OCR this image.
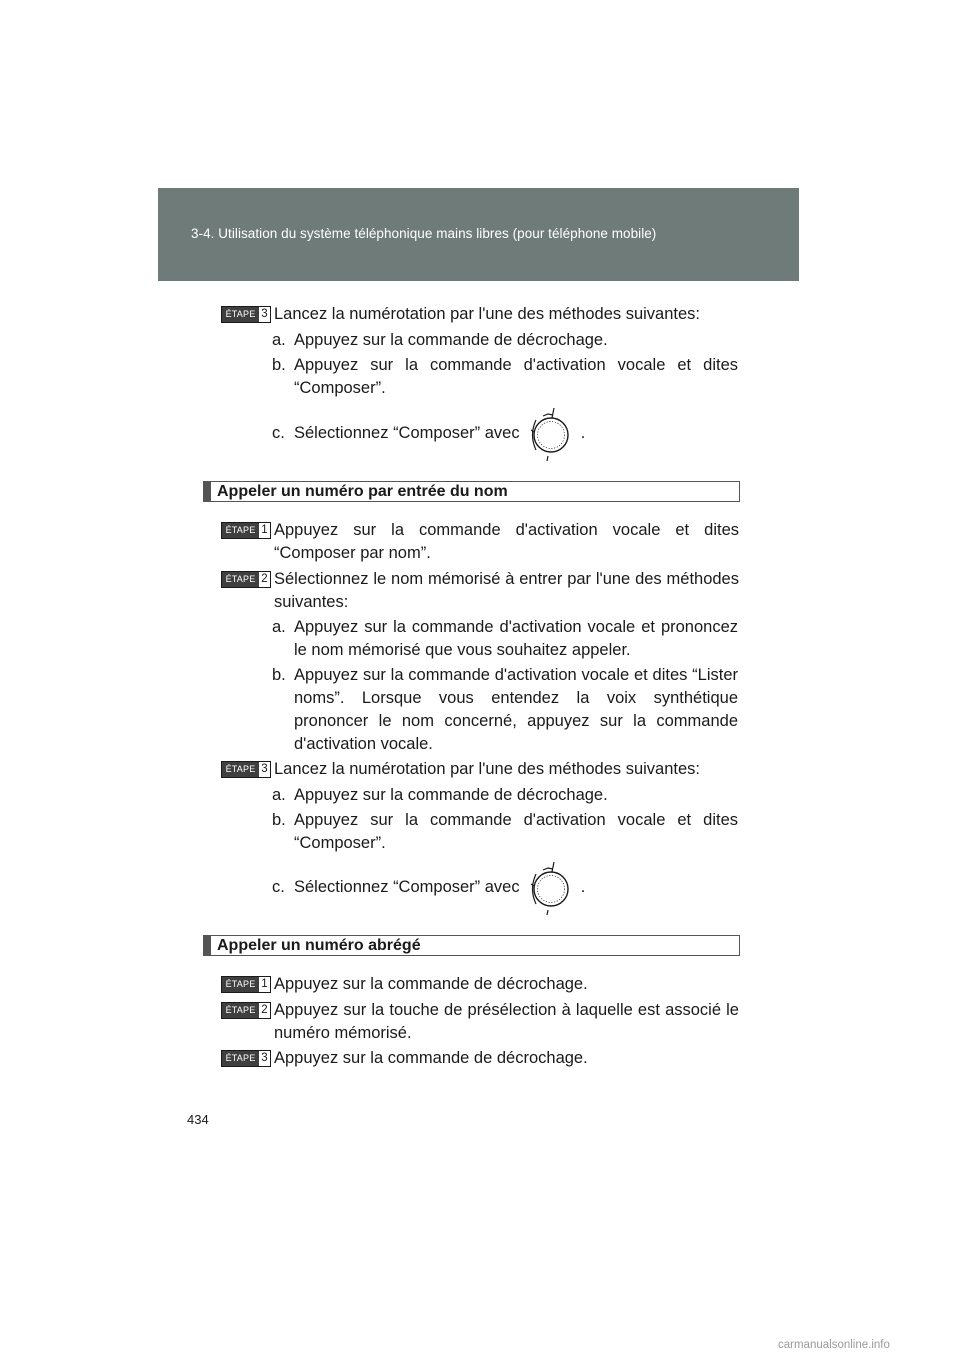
3-4. Utilisation du système téléphonique mains libres (pour téléphone mobile)
ÉTAPE 3 Lancez la numérotation par l'une des méthodes suivantes:
a. Appuyez sur la commande de décrochage.
b. Appuyez sur la commande d'activation vocale et dites “Composer”.
c. Sélectionnez “Composer” avec	.
Appeler un numéro par entrée du nom
ÉTAPE 1 Appuyez sur la commande d'activation vocale et dites “Composer par nom”.
ÉTAPE 2 Sélectionnez le nom mémorisé à entrer par l'une des méthodes suivantes:
a. Appuyez sur la commande d'activation vocale et prononcez le nom mémorisé que vous souhaitez appeler.
b. Appuyez sur la commande d'activation vocale et dites “Lister noms”. Lorsque vous entendez la voix synthétique prononcer le nom concerné, appuyez sur la commande d'activation vocale.
ÉTAPE 3 Lancez la numérotation par l'une des méthodes suivantes:
a. Appuyez sur la commande de décrochage.
b. Appuyez sur la commande d'activation vocale et dites “Composer”.
c. Sélectionnez “Composer” avec	.
Appeler un numéro abrégé
ÉTAPE 1 Appuyez sur la commande de décrochage.
ÉTAPE 2 Appuyez sur la touche de présélection à laquelle est associé le numéro mémorisé.
ÉTAPE 3 Appuyez sur la commande de décrochage.
434
carmanualsonline.info
